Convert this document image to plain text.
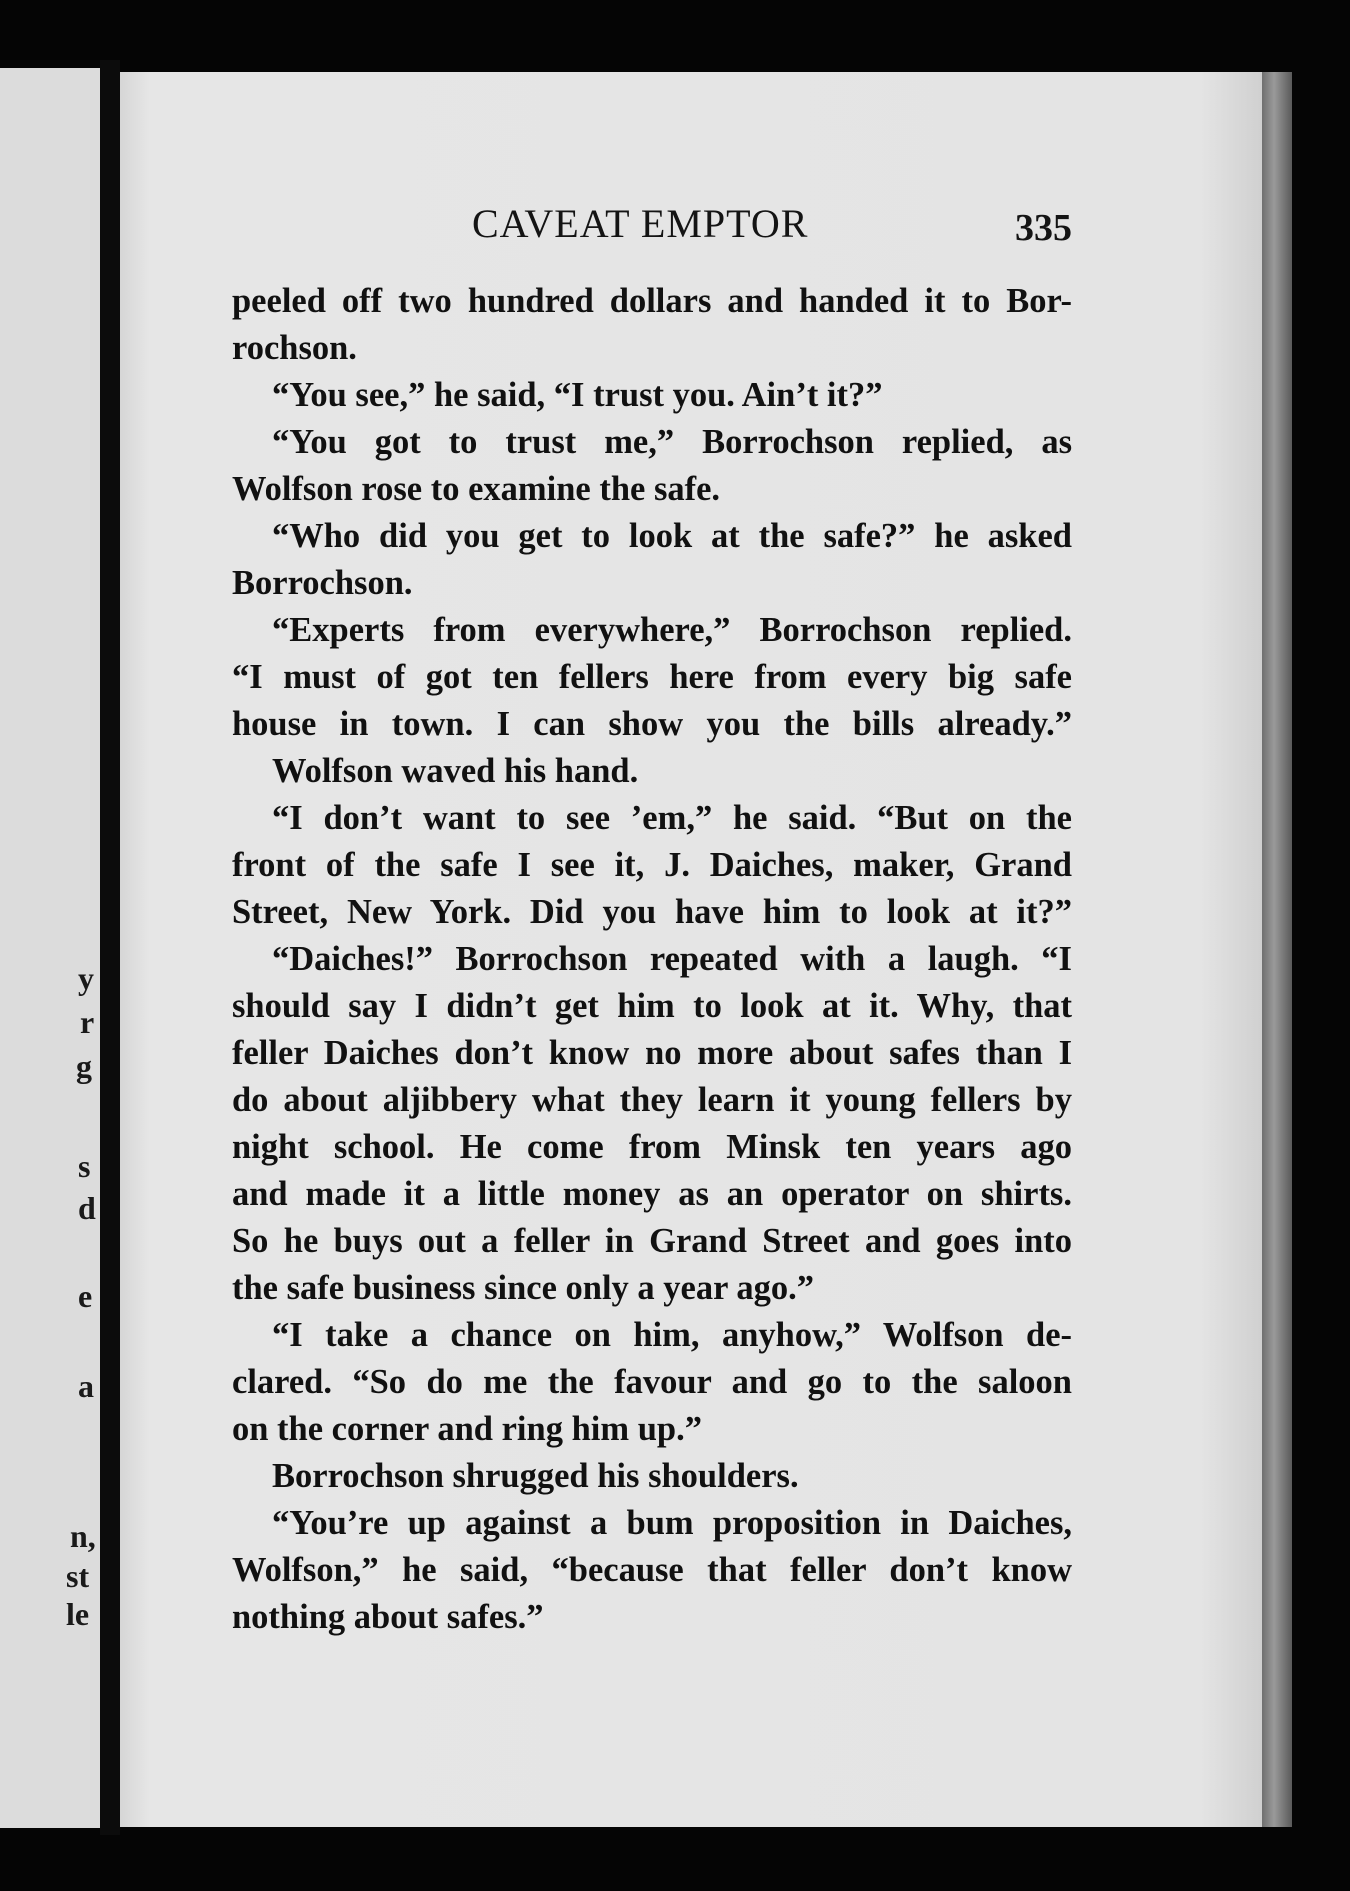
y
r
g
s
d
e
a
n,
st
le
CAVEAT EMPTOR	335
peeled off two hundred dollars and handed it to Bor-
rochson.
“You see,” he said, “I trust you. Ain’t it?”
“You got to trust me,” Borrochson replied, as
Wolfson rose to examine the safe.
“Who did you get to look at the safe?” he asked
Borrochson.
“Experts from everywhere,” Borrochson replied.
“I must of got ten fellers here from every big safe
house in town. I can show you the bills already.”
Wolfson waved his hand.
“I don’t want to see ’em,” he said. “But on the
front of the safe I see it, J. Daiches, maker, Grand
Street, New York. Did you have him to look at it?”
“Daiches!” Borrochson repeated with a laugh. “I
should say I didn’t get him to look at it. Why, that
feller Daiches don’t know no more about safes than I
do about aljibbery what they learn it young fellers by
night school. He come from Minsk ten years ago
and made it a little money as an operator on shirts.
So he buys out a feller in Grand Street and goes into
the safe business since only a year ago.”
“I take a chance on him, anyhow,” Wolfson de-
clared. “So do me the favour and go to the saloon
on the corner and ring him up.”
Borrochson shrugged his shoulders.
“You’re up against a bum proposition in Daiches,
Wolfson,” he said, “because that feller don’t know
nothing about safes.”
